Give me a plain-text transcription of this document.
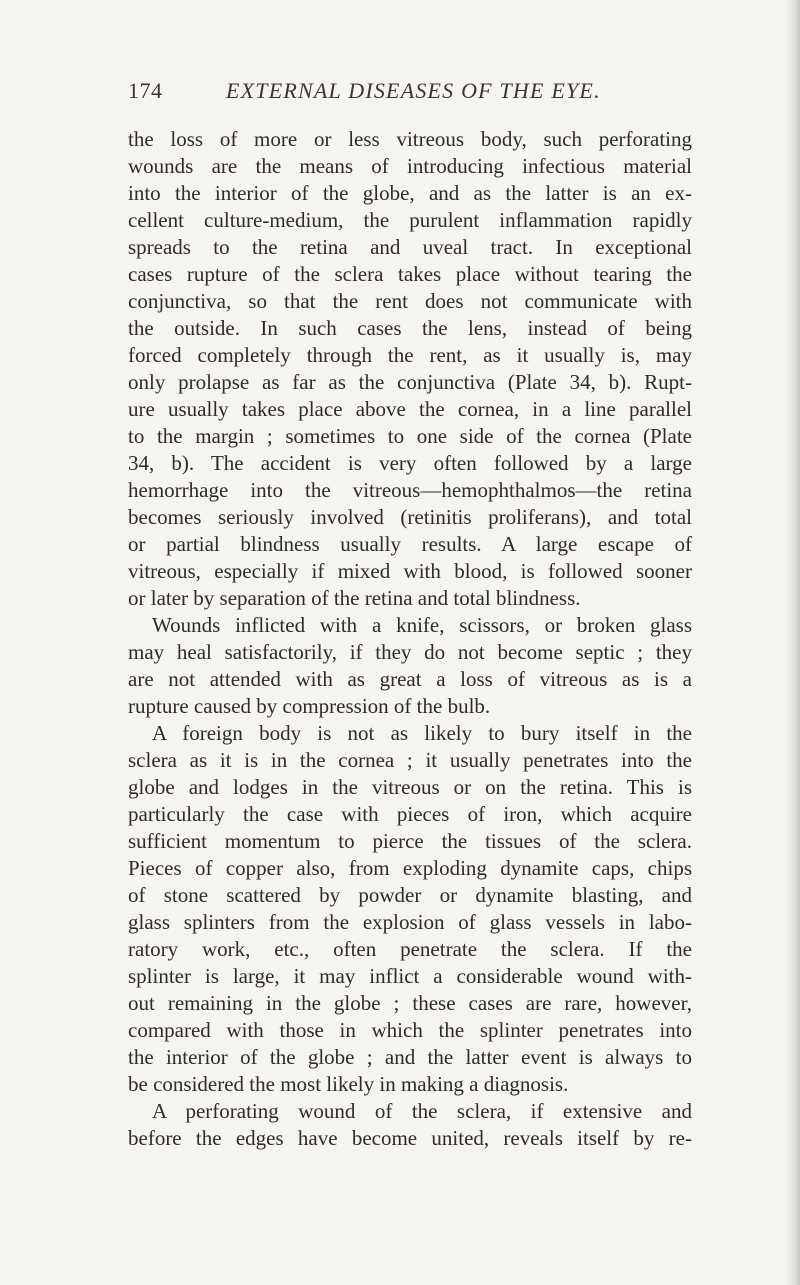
174	EXTERNAL DISEASES OF THE EYE.
the loss of more or less vitreous body, such perforating
wounds are the means of introducing infectious material
into the interior of the globe, and as the latter is an ex-
cellent culture-medium, the purulent inflammation rapidly
spreads to the retina and uveal tract. In exceptional
cases rupture of the sclera takes place without tearing the
conjunctiva, so that the rent does not communicate with
the outside. In such cases the lens, instead of being
forced completely through the rent, as it usually is, may
only prolapse as far as the conjunctiva (Plate 34, b). Rupt-
ure usually takes place above the cornea, in a line parallel
to the margin ; sometimes to one side of the cornea (Plate
34, b). The accident is very often followed by a large
hemorrhage into the vitreous—hemophthalmos—the retina
becomes seriously involved (retinitis proliferans), and total
or partial blindness usually results. A large escape of
vitreous, especially if mixed with blood, is followed sooner
or later by separation of the retina and total blindness.
Wounds inflicted with a knife, scissors, or broken glass
may heal satisfactorily, if they do not become septic ; they
are not attended with as great a loss of vitreous as is a
rupture caused by compression of the bulb.
A foreign body is not as likely to bury itself in the
sclera as it is in the cornea ; it usually penetrates into the
globe and lodges in the vitreous or on the retina. This is
particularly the case with pieces of iron, which acquire
sufficient momentum to pierce the tissues of the sclera.
Pieces of copper also, from exploding dynamite caps, chips
of stone scattered by powder or dynamite blasting, and
glass splinters from the explosion of glass vessels in labo-
ratory work, etc., often penetrate the sclera. If the
splinter is large, it may inflict a considerable wound with-
out remaining in the globe ; these cases are rare, however,
compared with those in which the splinter penetrates into
the interior of the globe ; and the latter event is always to
be considered the most likely in making a diagnosis.
A perforating wound of the sclera, if extensive and
before the edges have become united, reveals itself by re-
